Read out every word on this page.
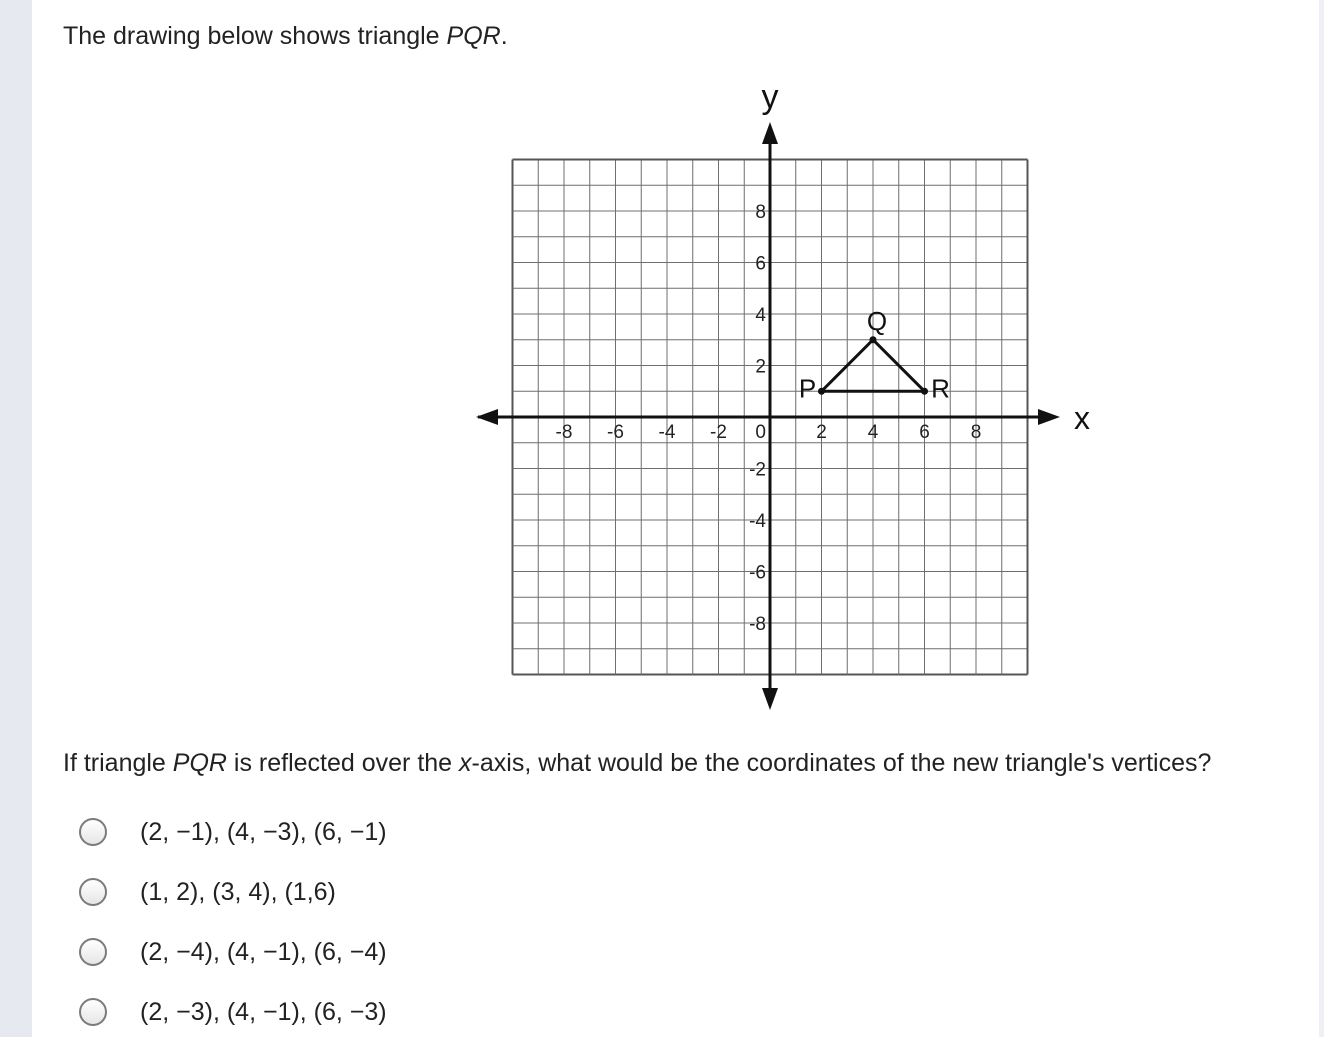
The drawing below shows triangle PQR.
x
y
-8 -6 -4 -2	2 4 6 8
8
6
4
2
-2
-4
-6
-8
0
P
Q
R
If triangle PQR is reflected over the x-axis, what would be the coordinates of the new triangle's vertices?
(2, −1), (4, −3), (6, −1)
(1, 2), (3, 4), (1,6)
(2, −4), (4, −1), (6, −4)
(2, −3), (4, −1), (6, −3)
